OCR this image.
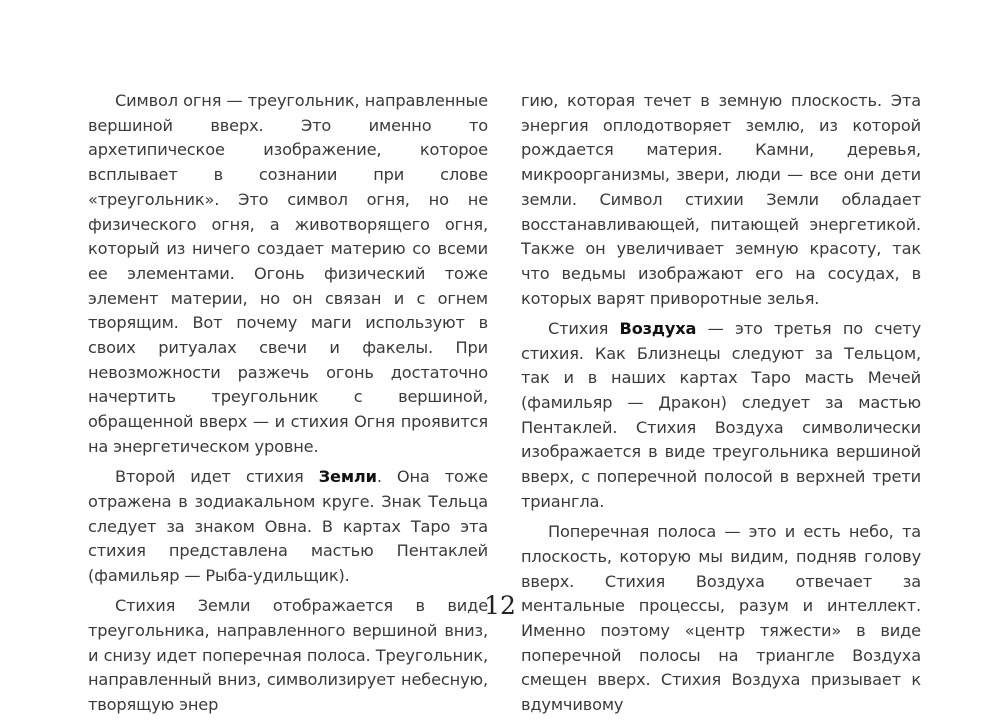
Символ огня — треугольник, направленные вершиной вверх. Это именно то архетипическое изображение, которое всплывает в сознании при слове «треугольник». Это символ огня, но не физического огня, а животворящего огня, который из ничего создает материю со всеми ее элементами. Огонь физический тоже элемент материи, но он связан и с огнем творящим. Вот почему маги используют в своих ритуалах свечи и факелы. При невозможности разжечь огонь достаточно начертить треугольник с вершиной, обращенной вверх — и стихия Огня проявится на энергетическом уровне.

Второй идет стихия Земли. Она тоже отражена в зодиакальном круге. Знак Тельца следует за знаком Овна. В картах Таро эта стихия представлена мастью Пентаклей (фамильяр — Рыба-удильщик).

Стихия Земли отображается в виде треугольника, направленного вершиной вниз, и снизу идет поперечная полоса. Треугольник, направленный вниз, символизирует небесную, творящую энер

гию, которая течет в земную плоскость. Эта энергия оплодотворяет землю, из которой рождается материя. Камни, деревья, микроорганизмы, звери, люди — все они дети земли. Символ стихии Земли обладает восстанавливающей, питающей энергетикой. Также он увеличивает земную красоту, так что ведьмы изображают его на сосудах, в которых варят приворотные зелья.

Стихия Воздуха — это третья по счету стихия. Как Близнецы следуют за Тельцом, так и в наших картах Таро масть Мечей (фамильяр — Дракон) следует за мастью Пентаклей. Стихия Воздуха символически изображается в виде треугольника вершиной вверх, с поперечной полосой в верхней трети триангла.

Поперечная полоса — это и есть небо, та плоскость, которую мы видим, подняв голову вверх. Стихия Воздуха отвечает за ментальные процессы, разум и интеллект. Именно поэтому «центр тяжести» в виде поперечной полосы на триангле Воздуха смещен вверх. Стихия Воздуха призывает к вдумчивому

12
